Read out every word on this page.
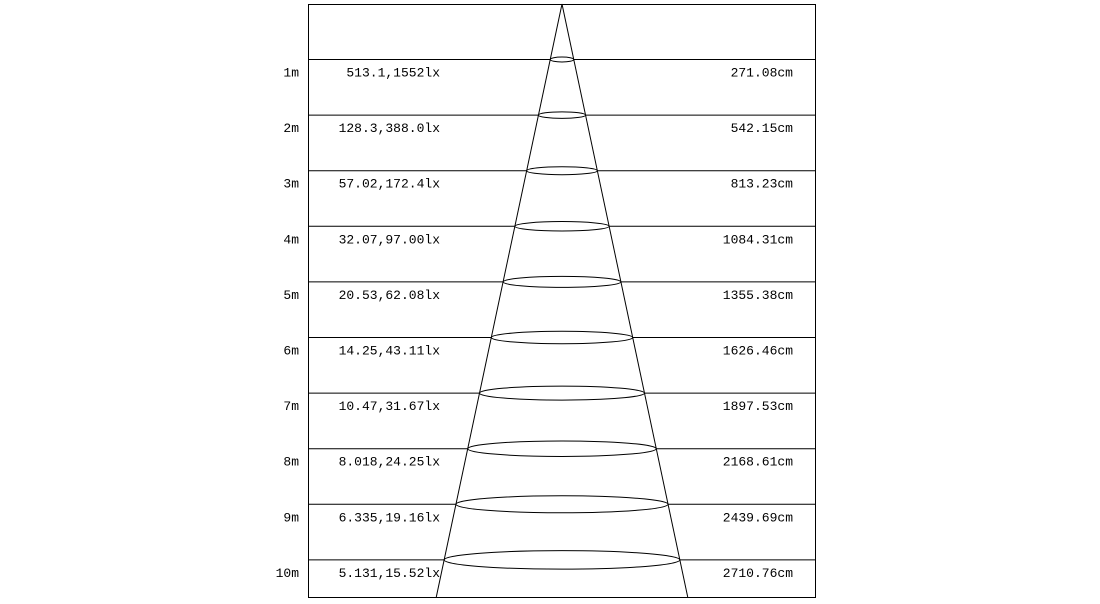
1m	513.1,1552lx	271.08cm
2m	128.3,388.0lx	542.15cm
3m	57.02,172.4lx	813.23cm
4m	32.07,97.00lx	1084.31cm
5m	20.53,62.08lx	1355.38cm
6m	14.25,43.11lx	1626.46cm
7m	10.47,31.67lx	1897.53cm
8m	8.018,24.25lx	2168.61cm
9m	6.335,19.16lx	2439.69cm
10m	5.131,15.52lx	2710.76cm
